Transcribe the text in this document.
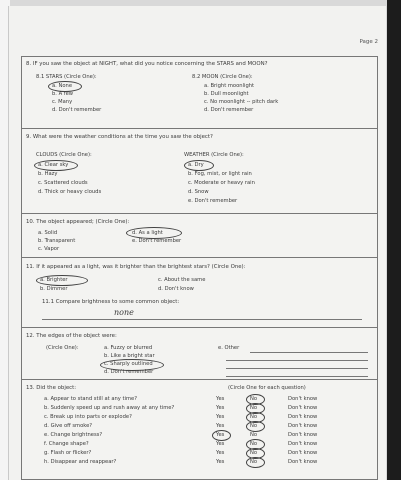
Page 2
8. IF you saw the object at NIGHT, what did you notice concerning the STARS and MOON?
8.1 STARS (Circle One):
a. None
b. A few
c. Many
d. Don't remember
8.2 MOON (Circle One):
a. Bright moonlight
b. Dull moonlight
c. No moonlight -- pitch dark
d. Don't remember
9. What were the weather conditions at the time you saw the object?
CLOUDS (Circle One):
a. Clear sky
b. Hazy
c. Scattered clouds
d. Thick or heavy clouds
WEATHER (Circle One):
a. Dry
b. Fog, mist, or light rain
c. Moderate or heavy rain
d. Snow
e. Don't remember
10. The object appeared; (Circle One):
a. Solid
b. Transparent
c. Vapor
d. As a light
e. Don't remember
11. If it appeared as a light, was it brighter than the brightest stars? (Circle One):
a. Brighter
b. Dimmer
c. About the same
d. Don't know
11.1 Compare brightness to some common object:
none
12. The edges of the object were:
(Circle One):	a. Fuzzy or blurred
b. Like a bright star
c. Sharply outlined
d. Don't remember
e. Other
13. Did the object:	(Circle One for each question)
a. Appear to stand still at any time?	Yes	No	Don't know
b. Suddenly speed up and rush away at any time?	Yes	No	Don't know
c. Break up into parts or explode?	Yes	No	Don't know
d. Give off smoke?	Yes	No	Don't know
e. Change brightness?	Yes	No	Don't know
f. Change shape?	Yes	No	Don't know
g. Flash or flicker?	Yes	No	Don't know
h. Disappear and reappear?	Yes	No	Don't know
